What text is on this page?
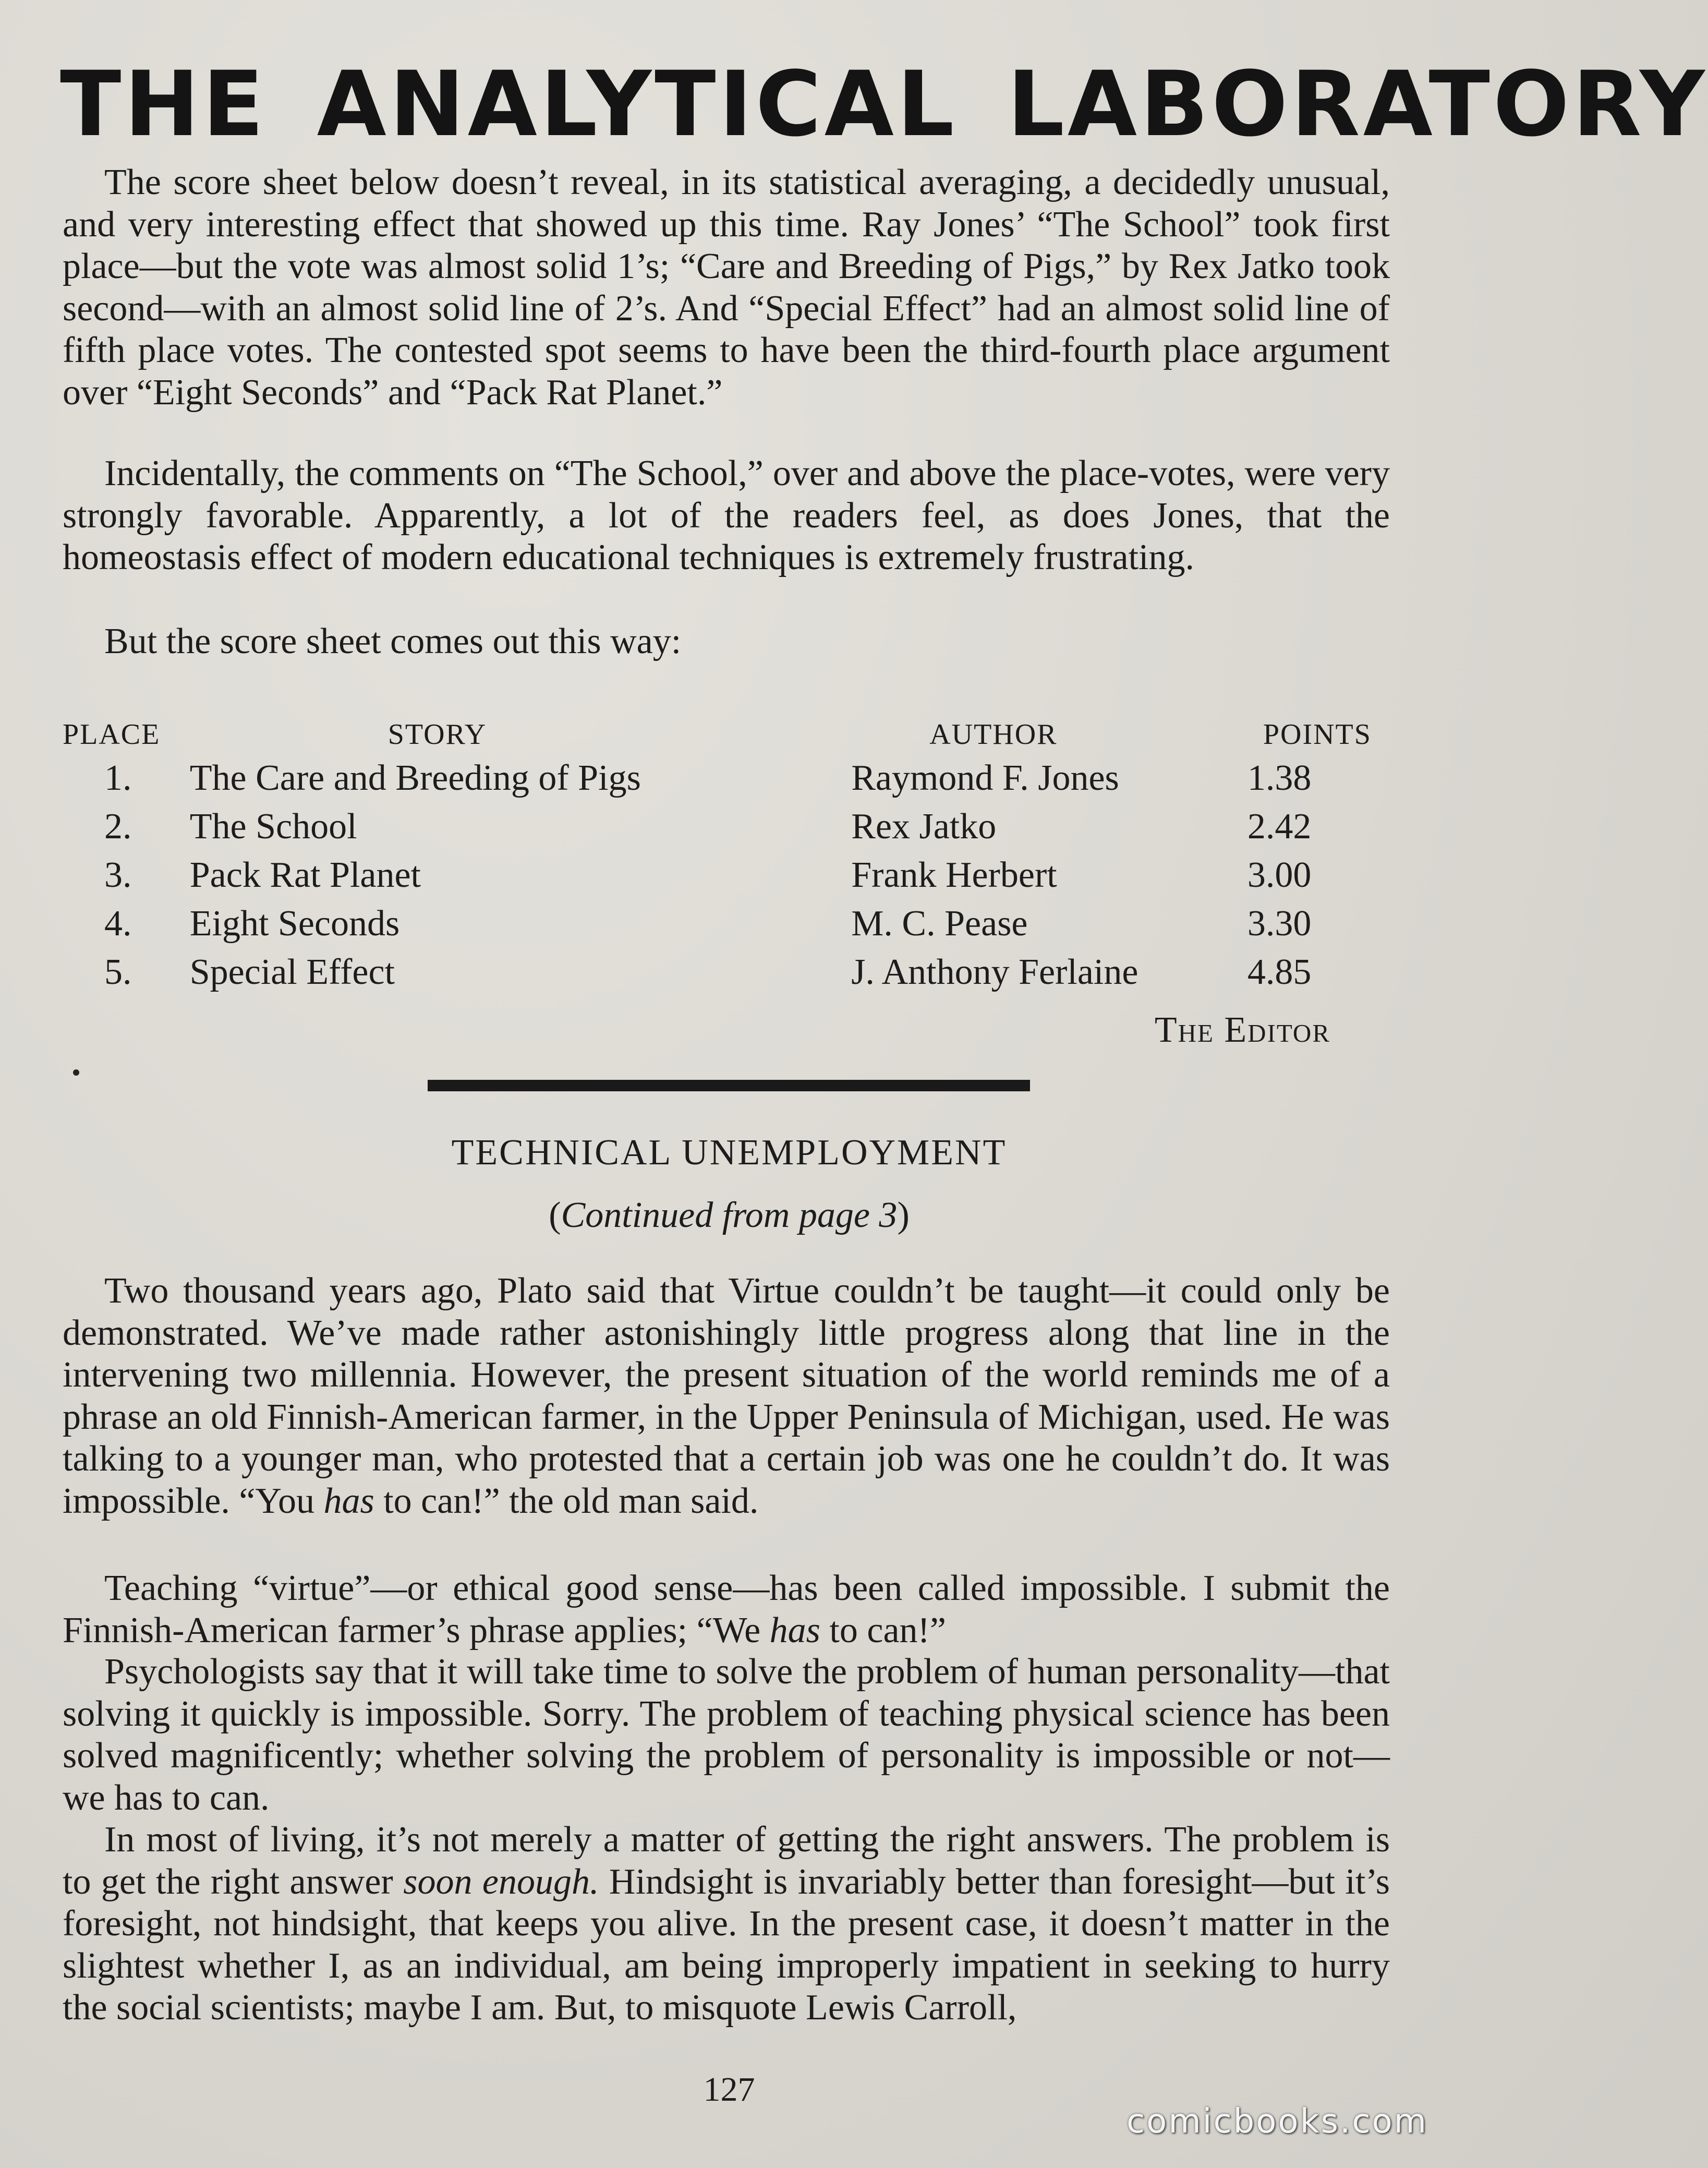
THE ANALYTICAL LABORATORY

The score sheet below doesn’t reveal, in its statistical averaging, a decidedly unusual, and very interesting effect that showed up this time. Ray Jones’ “The School” took first place—but the vote was almost solid 1’s; “Care and Breeding of Pigs,” by Rex Jatko took second—with an almost solid line of 2’s. And “Special Effect” had an almost solid line of fifth place votes. The contested spot seems to have been the third-fourth place argument over “Eight Seconds” and “Pack Rat Planet.”

Incidentally, the comments on “The School,” over and above the place-votes, were very strongly favorable. Apparently, a lot of the readers feel, as does Jones, that the homeostasis effect of modern educational techniques is extremely frustrating.

But the score sheet comes out this way:

PLACE	STORY	AUTHOR	POINTS
1.	The Care and Breeding of Pigs	Raymond F. Jones	1.38
2.	The School	Rex Jatko	2.42
3.	Pack Rat Planet	Frank Herbert	3.00
4.	Eight Seconds	M. C. Pease	3.30
5.	Special Effect	J. Anthony Ferlaine	4.85

The Editor

TECHNICAL UNEMPLOYMENT

(Continued from page 3)

Two thousand years ago, Plato said that Virtue couldn’t be taught—it could only be demonstrated. We’ve made rather astonishingly little progress along that line in the intervening two millennia. However, the present situation of the world reminds me of a phrase an old Finnish-American farmer, in the Upper Peninsula of Michigan, used. He was talking to a younger man, who protested that a certain job was one he couldn’t do. It was impossible. “You has to can!” the old man said.

Teaching “virtue”—or ethical good sense—has been called impossible. I submit the Finnish-American farmer’s phrase applies; “We has to can!”

Psychologists say that it will take time to solve the problem of human personality—that solving it quickly is impossible. Sorry. The problem of teaching physical science has been solved magnificently; whether solving the problem of personality is impossible or not—we has to can.

In most of living, it’s not merely a matter of getting the right answers. The problem is to get the right answer soon enough. Hindsight is invariably better than foresight—but it’s foresight, not hindsight, that keeps you alive. In the present case, it doesn’t matter in the slightest whether I, as an individual, am being improperly impatient in seeking to hurry the social scientists; maybe I am. But, to misquote Lewis Carroll,

127

comicbooks.com
